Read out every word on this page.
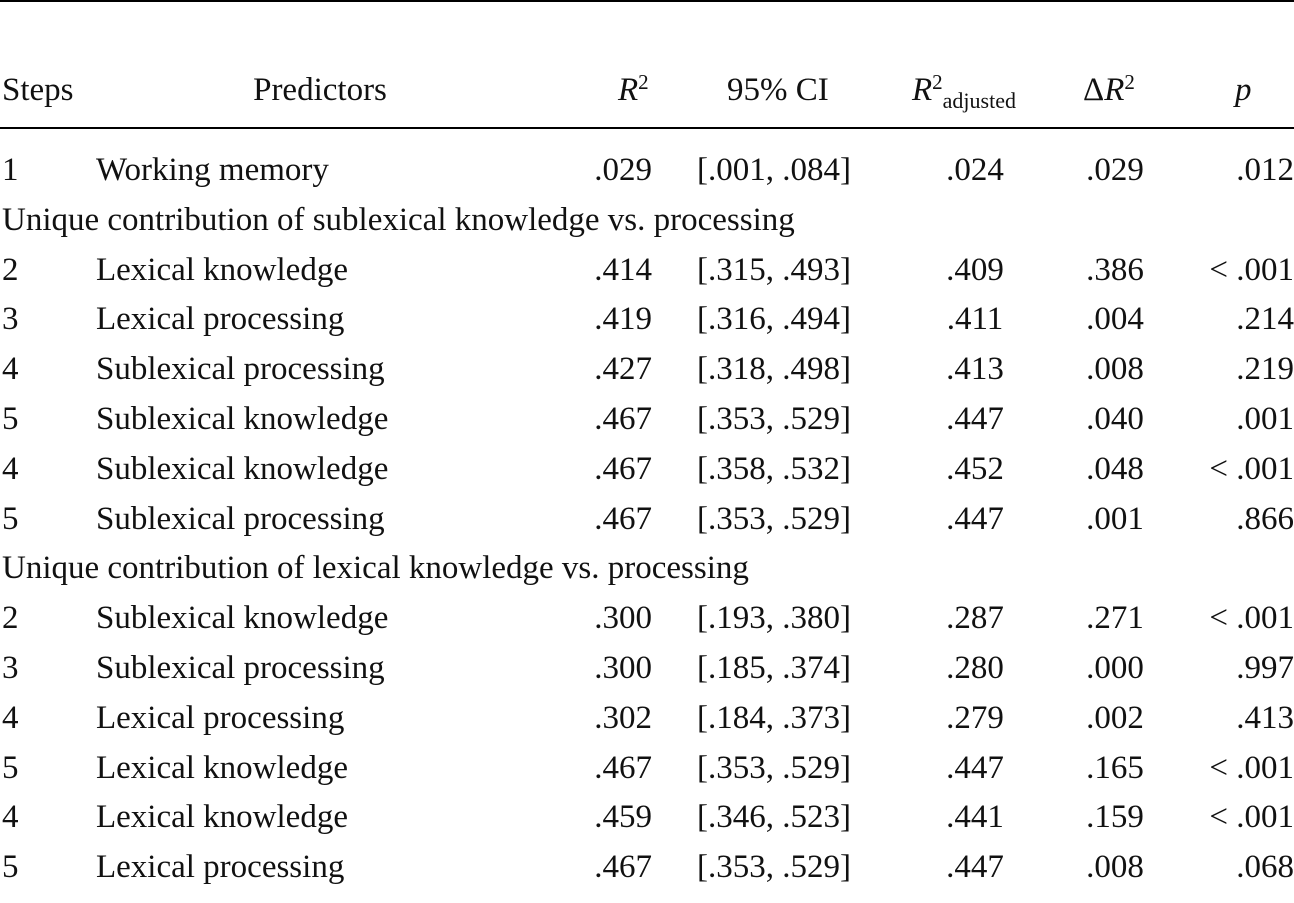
Steps	Predictors	$R^2$ 95% CI	$R^2_{adjusted}$ $\Delta R^2$	p
1 Working memory	.029 [.001, .084]	.024 .029	.012
Unique contribution of sublexical knowledge vs. processing
2 Lexical knowledge	.414 [.315, .493]	.409 .386 < .001
3 Lexical processing	.419 [.316, .494]	.411	.004	.214
4 Sublexical processing	.427 [.318, .498]	.413 .008	.219
5 Sublexical knowledge	.467 [.353, .529]	.447 .040	.001
4 Sublexical knowledge	.467 [.358, .532]	.452 .048 < .001
5 Sublexical processing	.467 [.353, .529]	.447 .001	.866
Unique contribution of lexical knowledge vs. processing
2 Sublexical knowledge	.300 [.193, .380]	.287 .271 < .001
3 Sublexical processing	.300 [.185, .374]	.280 .000	.997
4 Lexical processing	.302 [.184, .373]	.279 .002	.413
5 Lexical knowledge	.467 [.353, .529]	.447 .165 < .001
4 Lexical knowledge	.459 [.346, .523]	.441 .159 < .001
5 Lexical processing	.467 [.353, .529]	.447 .008	.068
